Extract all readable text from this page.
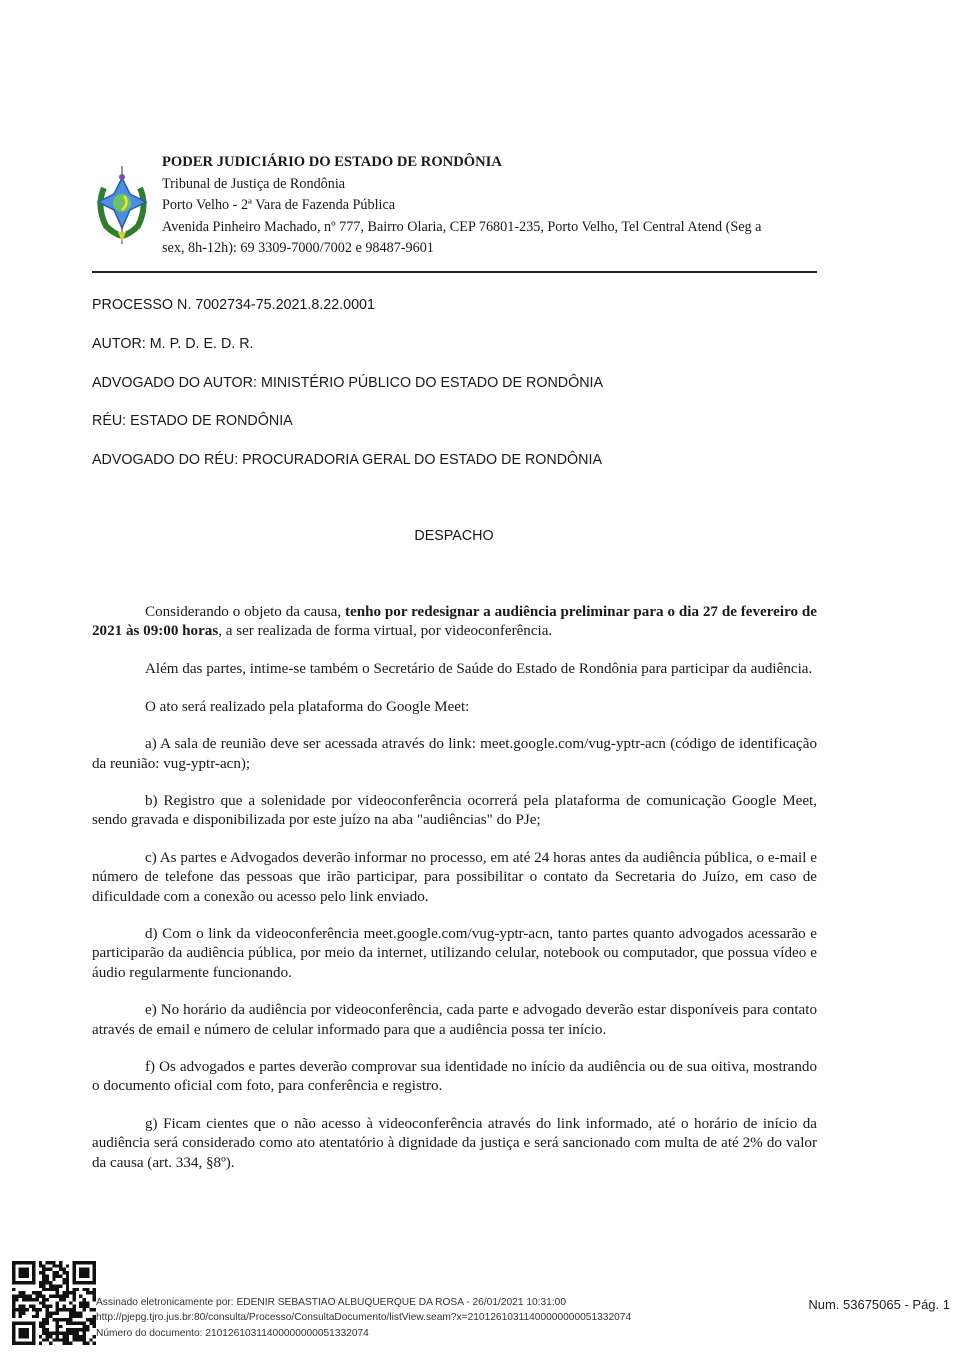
PODER JUDICIÁRIO DO ESTADO DE RONDÔNIA
Tribunal de Justiça de Rondônia
Porto Velho - 2ª Vara de Fazenda Pública
Avenida Pinheiro Machado, nº 777, Bairro Olaria, CEP 76801-235, Porto Velho, Tel Central Atend (Seg a
sex, 8h-12h): 69 3309-7000/7002 e 98487-9601
PROCESSO N. 7002734-75.2021.8.22.0001
AUTOR: M. P. D. E. D. R.
ADVOGADO DO AUTOR: MINISTÉRIO PÚBLICO DO ESTADO DE RONDÔNIA
RÉU: ESTADO DE RONDÔNIA
ADVOGADO DO RÉU: PROCURADORIA GERAL DO ESTADO DE RONDÔNIA
DESPACHO

Considerando o objeto da causa, tenho por redesignar a audiência preliminar para o dia 27 de fevereiro de 2021 às 09:00 horas, a ser realizada de forma virtual, por videoconferência.

Além das partes, intime-se também o Secretário de Saúde do Estado de Rondônia para participar da audiência.

O ato será realizado pela plataforma do Google Meet:

a) A sala de reunião deve ser acessada através do link: meet.google.com/vug-yptr-acn (código de identificação da reunião: vug-yptr-acn);

b) Registro que a solenidade por videoconferência ocorrerá pela plataforma de comunicação Google Meet, sendo gravada e disponibilizada por este juízo na aba "audiências" do PJe;

c) As partes e Advogados deverão informar no processo, em até 24 horas antes da audiência pública, o e-mail e número de telefone das pessoas que irão participar, para possibilitar o contato da Secretaria do Juízo, em caso de dificuldade com a conexão ou acesso pelo link enviado.

d) Com o link da videoconferência meet.google.com/vug-yptr-acn, tanto partes quanto advogados acessarão e participarão da audiência pública, por meio da internet, utilizando celular, notebook ou computador, que possua vídeo e áudio regularmente funcionando.

e) No horário da audiência por videoconferência, cada parte e advogado deverão estar disponíveis para contato através de email e número de celular informado para que a audiência possa ter início.

f) Os advogados e partes deverão comprovar sua identidade no início da audiência ou de sua oitiva, mostrando o documento oficial com foto, para conferência e registro.

g) Ficam cientes que o não acesso à videoconferência através do link informado, até o horário de início da audiência será considerado como ato atentatório à dignidade da justiça e será sancionado com multa de até 2% do valor da causa (art. 334, §8º).

Assinado eletronicamente por: EDENIR SEBASTIAO ALBUQUERQUE DA ROSA - 26/01/2021 10:31:00
http://pjepg.tjro.jus.br:80/consulta/Processo/ConsultaDocumento/listView.seam?x=21012610311400000000051332074
Número do documento: 21012610311400000000051332074
Num. 53675065 - Pág. 1
